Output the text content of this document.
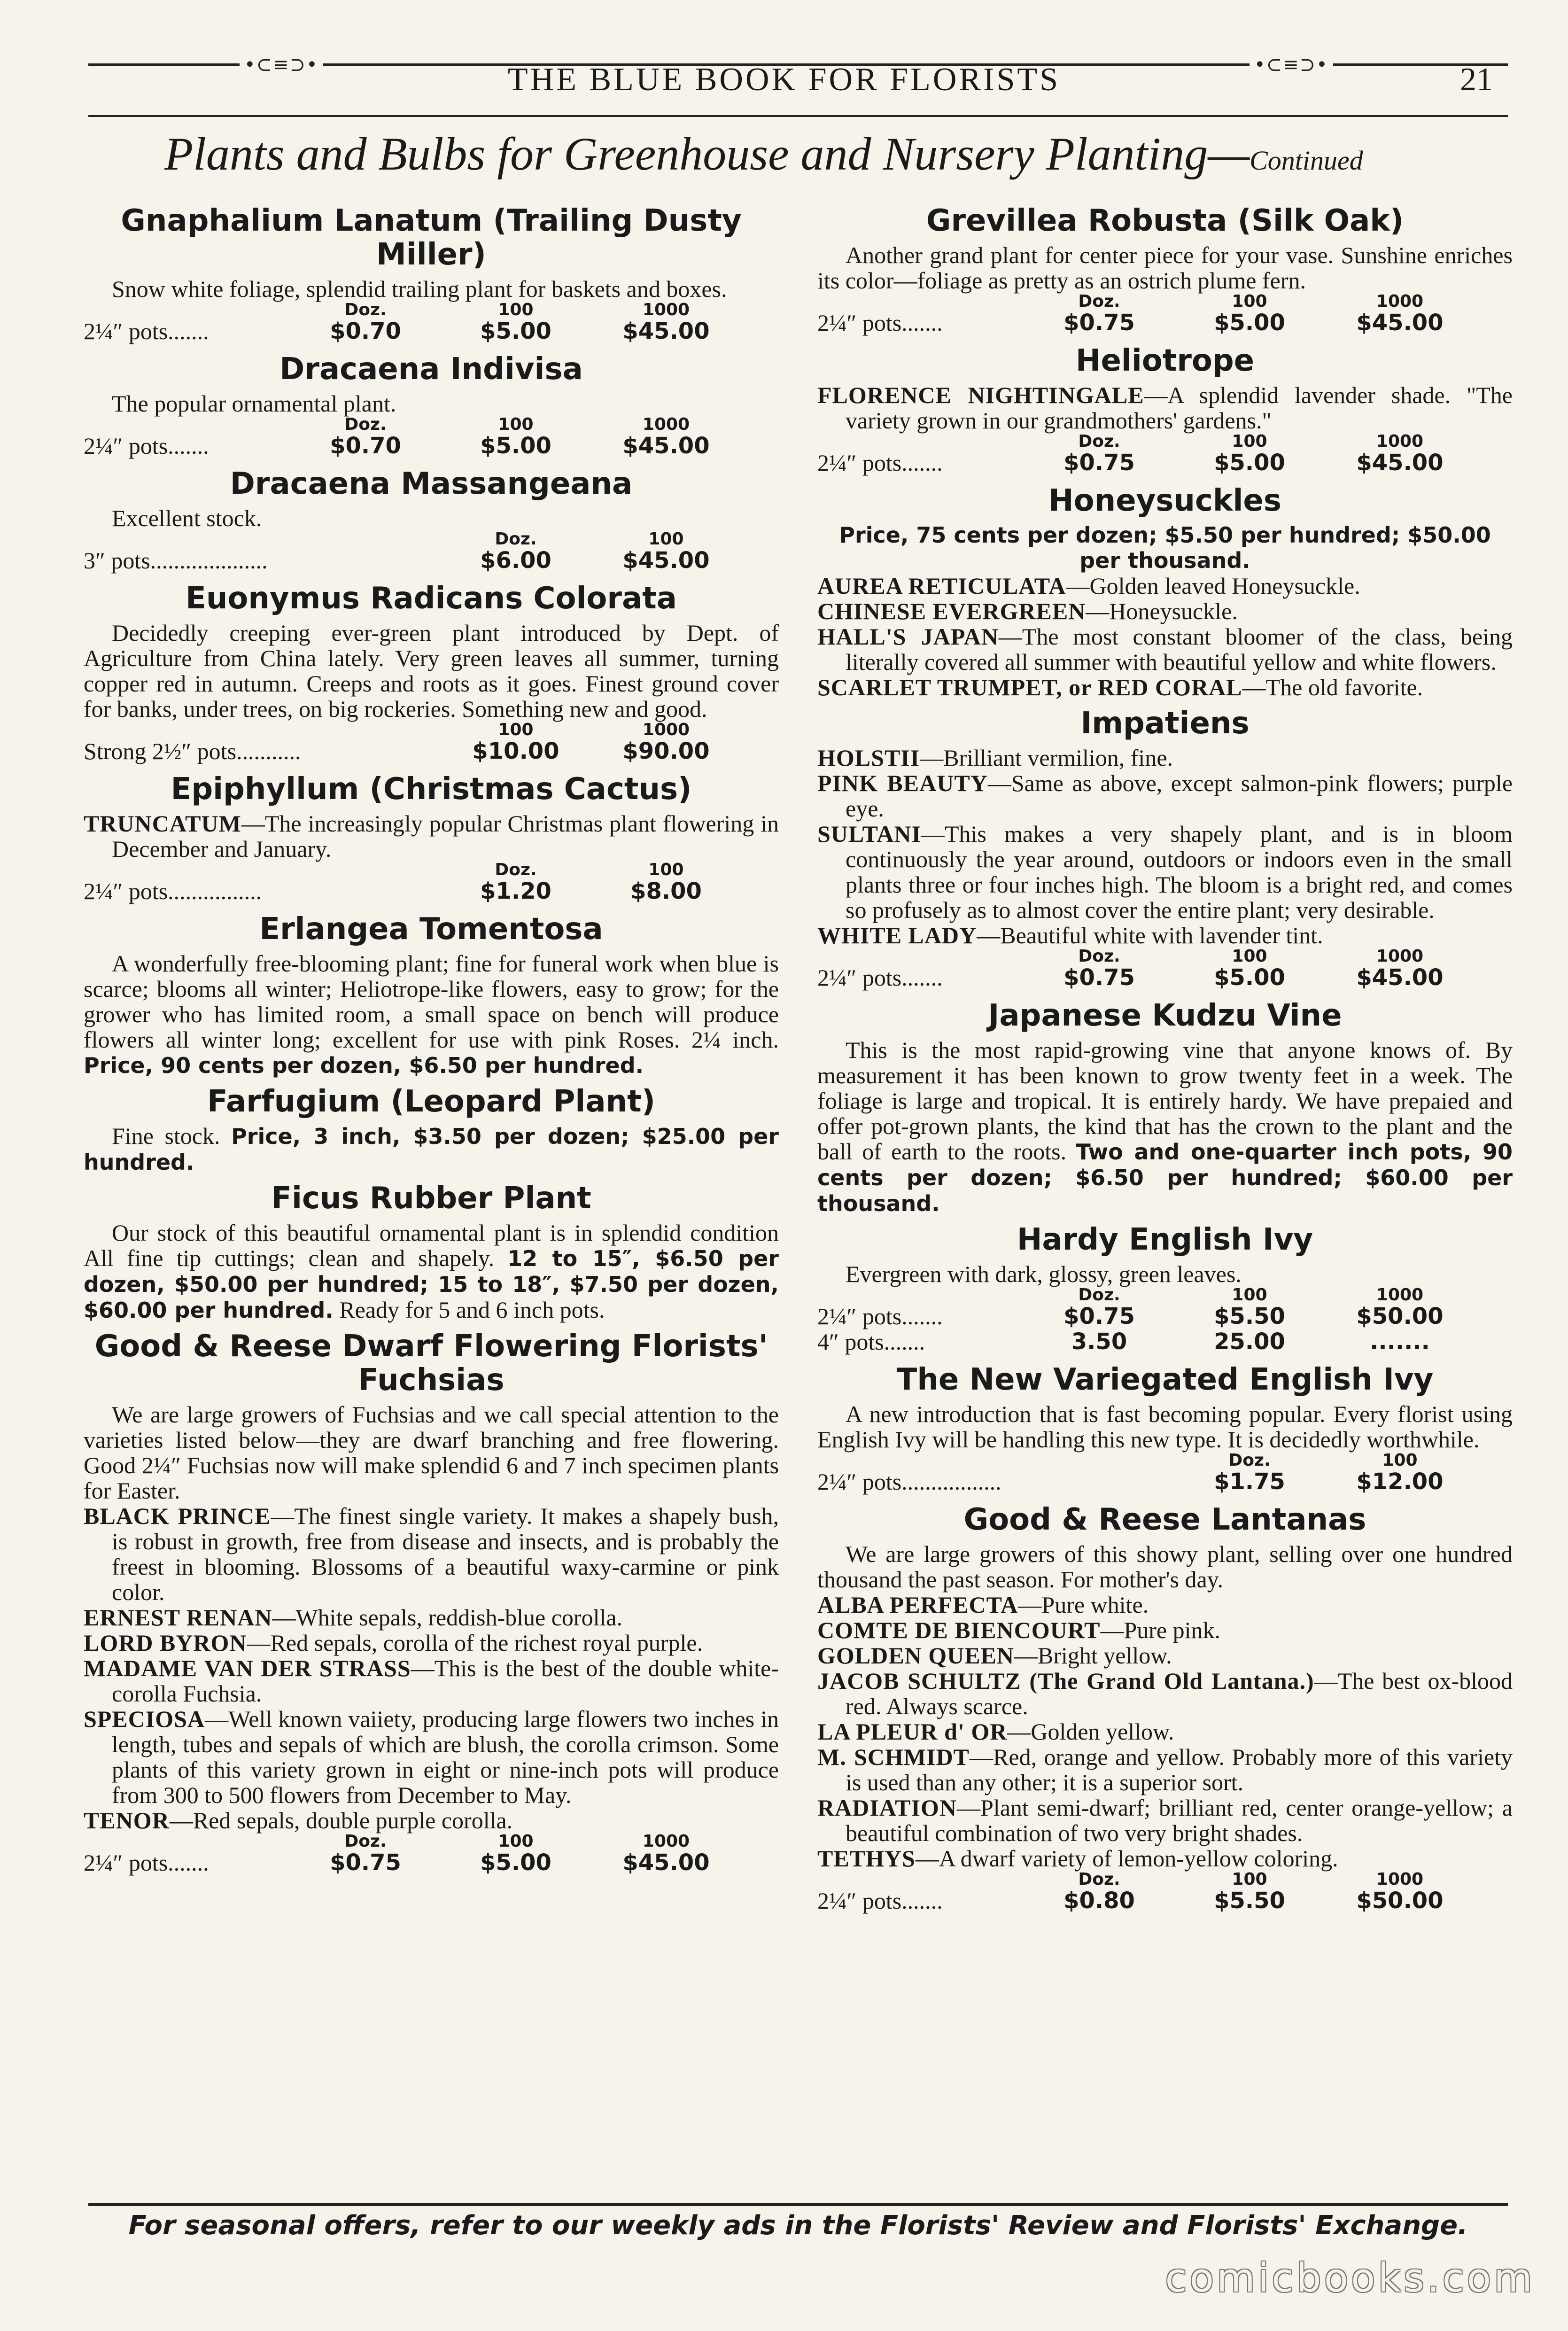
•⊂≡⊃•	•⊂≡⊃•
THE BLUE BOOK FOR FLORISTS	21
Plants and Bulbs for Greenhouse and Nursery Planting—Continued
Gnaphalium Lanatum (Trailing Dusty Miller)

Snow white foliage, splendid trailing plant for baskets and boxes.

	Doz.	100	1000
2¼″ pots.......	$0.70	$5.00	$45.00
Dracaena Indivisa

The popular ornamental plant.

	Doz.	100	1000
2¼″ pots.......	$0.70	$5.00	$45.00
Dracaena Massangeana

Excellent stock.

	Doz.	100
3″ pots....................	$6.00	$45.00
Euonymus Radicans Colorata

Decidedly creeping ever-green plant introduced by Dept. of Agriculture from China lately. Very green leaves all summer, turning copper red in autumn. Creeps and roots as it goes. Finest ground cover for banks, under trees, on big rockeries. Something new and good.

	100	1000
Strong 2½″ pots...........	$10.00	$90.00
Epiphyllum (Christmas Cactus)

TRUNCATUM—The increasingly popular Christmas plant flowering in December and January.

	Doz.	100
2¼″ pots................	$1.20	$8.00
Erlangea Tomentosa

A wonderfully free-blooming plant; fine for funeral work when blue is scarce; blooms all winter; Heliotrope-like flowers, easy to grow; for the grower who has limited room, a small space on bench will produce flowers all winter long; excellent for use with pink Roses. 2¼ inch. Price, 90 cents per dozen, $6.50 per hundred.

Farfugium (Leopard Plant)

Fine stock. Price, 3 inch, $3.50 per dozen; $25.00 per hundred.

Ficus Rubber Plant

Our stock of this beautiful ornamental plant is in splendid condition All fine tip cuttings; clean and shapely. 12 to 15″, $6.50 per dozen, $50.00 per hundred; 15 to 18″, $7.50 per dozen, $60.00 per hundred. Ready for 5 and 6 inch pots.

Good & Reese Dwarf Flowering Florists' Fuchsias

We are large growers of Fuchsias and we call special attention to the varieties listed below—they are dwarf branching and free flowering. Good 2¼″ Fuchsias now will make splendid 6 and 7 inch specimen plants for Easter.

BLACK PRINCE—The finest single variety. It makes a shapely bush, is robust in growth, free from disease and insects, and is probably the freest in blooming. Blossoms of a beautiful waxy-carmine or pink color.

ERNEST RENAN—White sepals, reddish-blue corolla.

LORD BYRON—Red sepals, corolla of the richest royal purple.

MADAME VAN DER STRASS—This is the best of the double white-corolla Fuchsia.

SPECIOSA—Well known vaiiety, producing large flowers two inches in length, tubes and sepals of which are blush, the corolla crimson. Some plants of this variety grown in eight or nine-inch pots will produce from 300 to 500 flowers from December to May.

TENOR—Red sepals, double purple corolla.

	Doz.	100	1000
2¼″ pots.......	$0.75	$5.00	$45.00
Grevillea Robusta (Silk Oak)

Another grand plant for center piece for your vase. Sunshine enriches its color—foliage as pretty as an ostrich plume fern.

	Doz.	100	1000
2¼″ pots.......	$0.75	$5.00	$45.00
Heliotrope

FLORENCE NIGHTINGALE—A splendid lavender shade. "The variety grown in our grandmothers' gardens."

	Doz.	100	1000
2¼″ pots.......	$0.75	$5.00	$45.00
Honeysuckles

Price, 75 cents per dozen; $5.50 per hundred; $50.00 per thousand.

AUREA RETICULATA—Golden leaved Honeysuckle.

CHINESE EVERGREEN—Honeysuckle.

HALL'S JAPAN—The most constant bloomer of the class, being literally covered all summer with beautiful yellow and white flowers.

SCARLET TRUMPET, or RED CORAL—The old favorite.

Impatiens

HOLSTII—Brilliant vermilion, fine.

PINK BEAUTY—Same as above, except salmon-pink flowers; purple eye.

SULTANI—This makes a very shapely plant, and is in bloom continuously the year around, outdoors or indoors even in the small plants three or four inches high. The bloom is a bright red, and comes so profusely as to almost cover the entire plant; very desirable.

WHITE LADY—Beautiful white with lavender tint.

	Doz.	100	1000
2¼″ pots.......	$0.75	$5.00	$45.00
Japanese Kudzu Vine

This is the most rapid-growing vine that anyone knows of. By measurement it has been known to grow twenty feet in a week. The foliage is large and tropical. It is entirely hardy. We have prepaied and offer pot-grown plants, the kind that has the crown to the plant and the ball of earth to the roots. Two and one-quarter inch pots, 90 cents per dozen; $6.50 per hundred; $60.00 per thousand.

Hardy English Ivy

Evergreen with dark, glossy, green leaves.

	Doz.	100	1000
2¼″ pots.......	$0.75	$5.50	$50.00
4″ pots.......	3.50	25.00	.......
The New Variegated English Ivy

A new introduction that is fast becoming popular. Every florist using English Ivy will be handling this new type. It is decidedly worthwhile.

	Doz.	100
2¼″ pots.................	$1.75	$12.00
Good & Reese Lantanas

We are large growers of this showy plant, selling over one hundred thousand the past season. For mother's day.

ALBA PERFECTA—Pure white.

COMTE DE BIENCOURT—Pure pink.

GOLDEN QUEEN—Bright yellow.

JACOB SCHULTZ (The Grand Old Lantana.)—The best ox-blood red. Always scarce.

LA PLEUR d' OR—Golden yellow.

M. SCHMIDT—Red, orange and yellow. Probably more of this variety is used than any other; it is a superior sort.

RADIATION—Plant semi-dwarf; brilliant red, center orange-yellow; a beautiful combination of two very bright shades.

TETHYS—A dwarf variety of lemon-yellow coloring.

	Doz.	100	1000
2¼″ pots.......	$0.80	$5.50	$50.00
For seasonal offers, refer to our weekly ads in the Florists' Review and Florists' Exchange.
comicbooks.com
